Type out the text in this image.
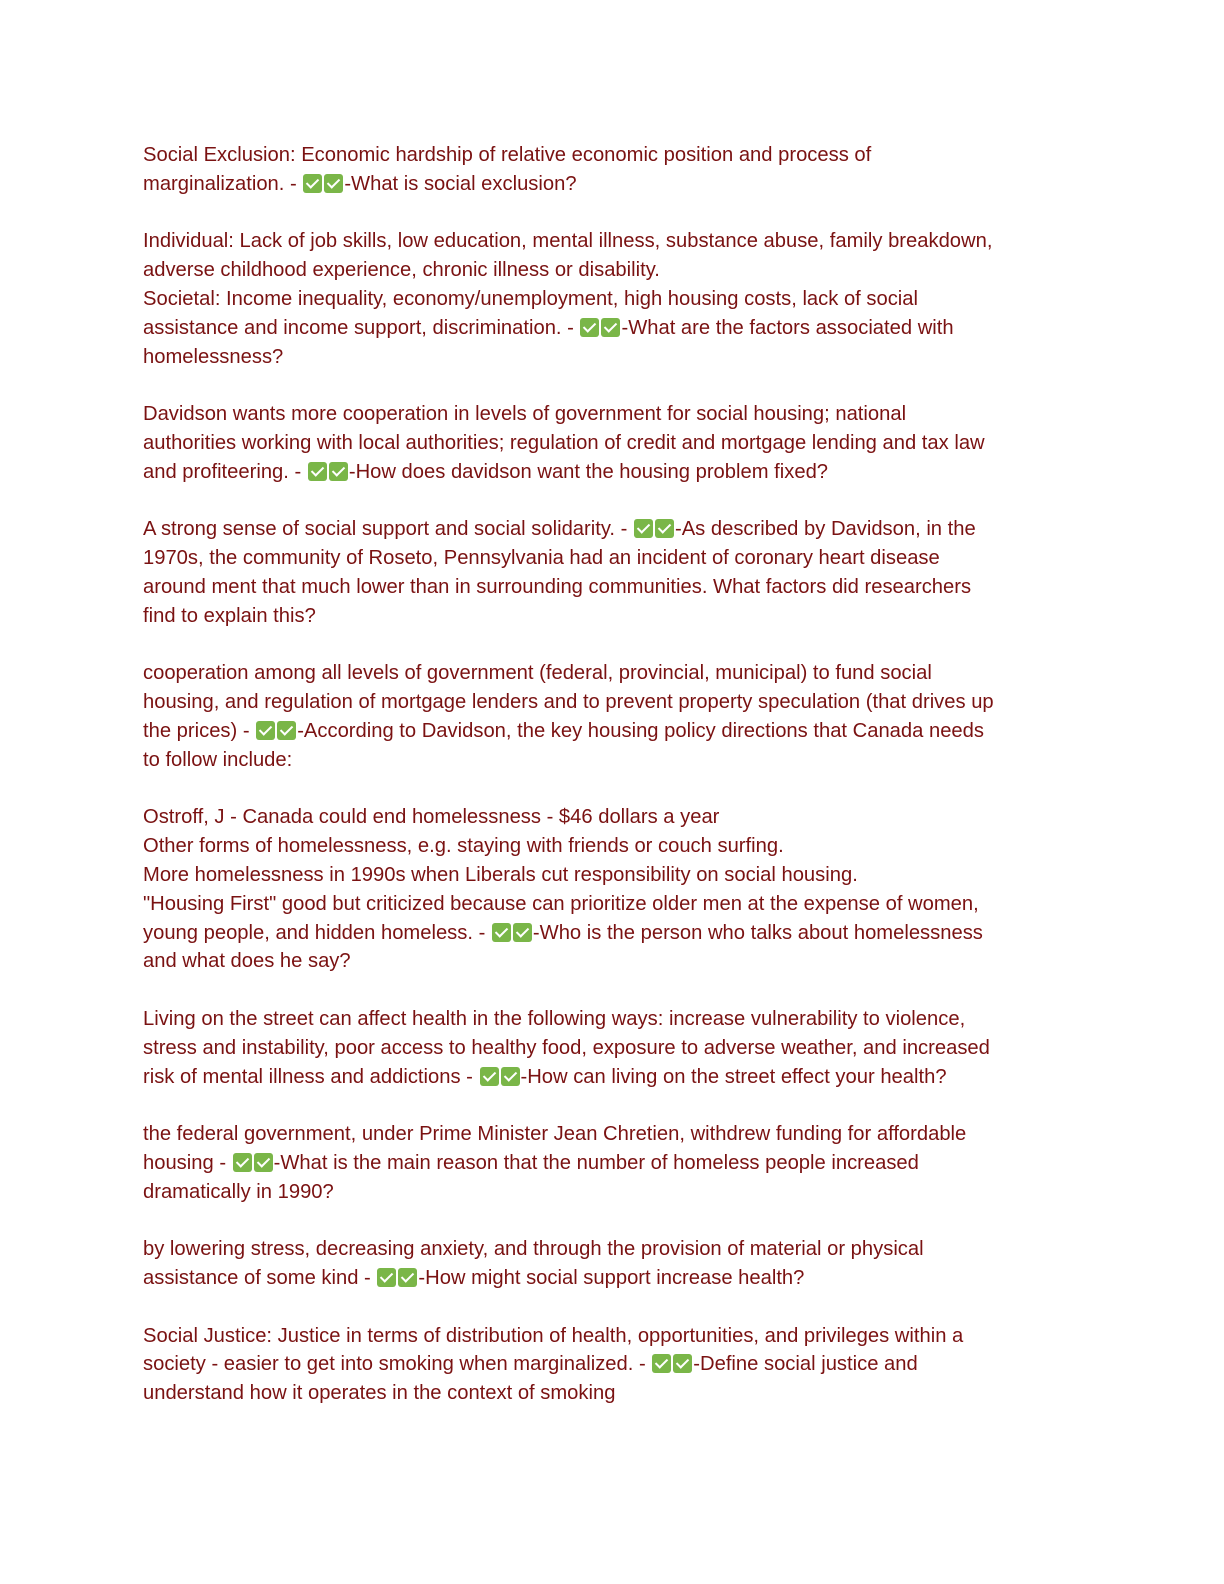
Social Exclusion: Economic hardship of relative economic position and process of
marginalization. - -What is social exclusion?
Individual: Lack of job skills, low education, mental illness, substance abuse, family breakdown,
adverse childhood experience, chronic illness or disability.
Societal: Income inequality, economy/unemployment, high housing costs, lack of social
assistance and income support, discrimination. - -What are the factors associated with
homelessness?
Davidson wants more cooperation in levels of government for social housing; national
authorities working with local authorities; regulation of credit and mortgage lending and tax law
and profiteering. - -How does davidson want the housing problem fixed?
A strong sense of social support and social solidarity. - -As described by Davidson, in the
1970s, the community of Roseto, Pennsylvania had an incident of coronary heart disease
around ment that much lower than in surrounding communities. What factors did researchers
find to explain this?
cooperation among all levels of government (federal, provincial, municipal) to fund social
housing, and regulation of mortgage lenders and to prevent property speculation (that drives up
the prices) - -According to Davidson, the key housing policy directions that Canada needs
to follow include:
Ostroff, J - Canada could end homelessness - $46 dollars a year
Other forms of homelessness, e.g. staying with friends or couch surfing.
More homelessness in 1990s when Liberals cut responsibility on social housing.
"Housing First" good but criticized because can prioritize older men at the expense of women,
young people, and hidden homeless. - -Who is the person who talks about homelessness
and what does he say?
Living on the street can affect health in the following ways: increase vulnerability to violence,
stress and instability, poor access to healthy food, exposure to adverse weather, and increased
risk of mental illness and addictions - -How can living on the street effect your health?
the federal government, under Prime Minister Jean Chretien, withdrew funding for affordable
housing - -What is the main reason that the number of homeless people increased
dramatically in 1990?
by lowering stress, decreasing anxiety, and through the provision of material or physical
assistance of some kind - -How might social support increase health?
Social Justice: Justice in terms of distribution of health, opportunities, and privileges within a
society - easier to get into smoking when marginalized. - -Define social justice and
understand how it operates in the context of smoking
